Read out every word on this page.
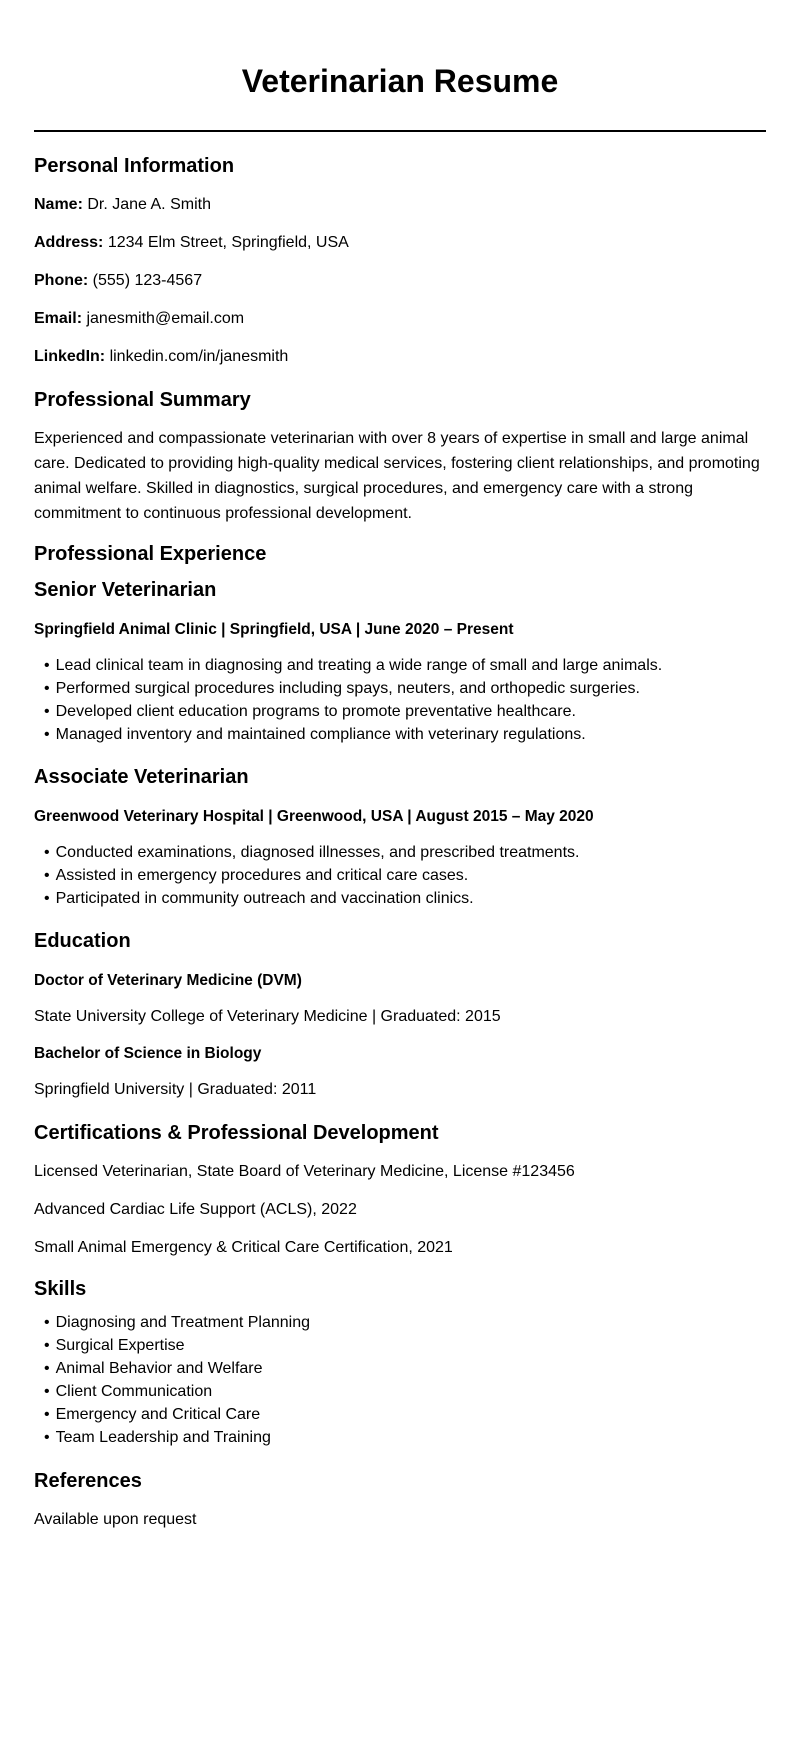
Veterinarian Resume
Personal Information

Name: Dr. Jane A. Smith

Address: 1234 Elm Street, Springfield, USA

Phone: (555) 123-4567

Email: janesmith@email.com

LinkedIn: linkedin.com/in/janesmith

Professional Summary

Experienced and compassionate veterinarian with over 8 years of expertise in small and large animal care. Dedicated to providing high-quality medical services, fostering client relationships, and promoting animal welfare. Skilled in diagnostics, surgical procedures, and emergency care with a strong commitment to continuous professional development.

Professional Experience
Senior Veterinarian

Springfield Animal Clinic | Springfield, USA | June 2020 – Present

• Lead clinical team in diagnosing and treating a wide range of small and large animals.
• Performed surgical procedures including spays, neuters, and orthopedic surgeries.
• Developed client education programs to promote preventative healthcare.
• Managed inventory and maintained compliance with veterinary regulations.
Associate Veterinarian

Greenwood Veterinary Hospital | Greenwood, USA | August 2015 – May 2020

• Conducted examinations, diagnosed illnesses, and prescribed treatments.
• Assisted in emergency procedures and critical care cases.
• Participated in community outreach and vaccination clinics.
Education

Doctor of Veterinary Medicine (DVM)

State University College of Veterinary Medicine | Graduated: 2015

Bachelor of Science in Biology

Springfield University | Graduated: 2011

Certifications & Professional Development

Licensed Veterinarian, State Board of Veterinary Medicine, License #123456

Advanced Cardiac Life Support (ACLS), 2022

Small Animal Emergency & Critical Care Certification, 2021

Skills
• Diagnosing and Treatment Planning
• Surgical Expertise
• Animal Behavior and Welfare
• Client Communication
• Emergency and Critical Care
• Team Leadership and Training
References

Available upon request
